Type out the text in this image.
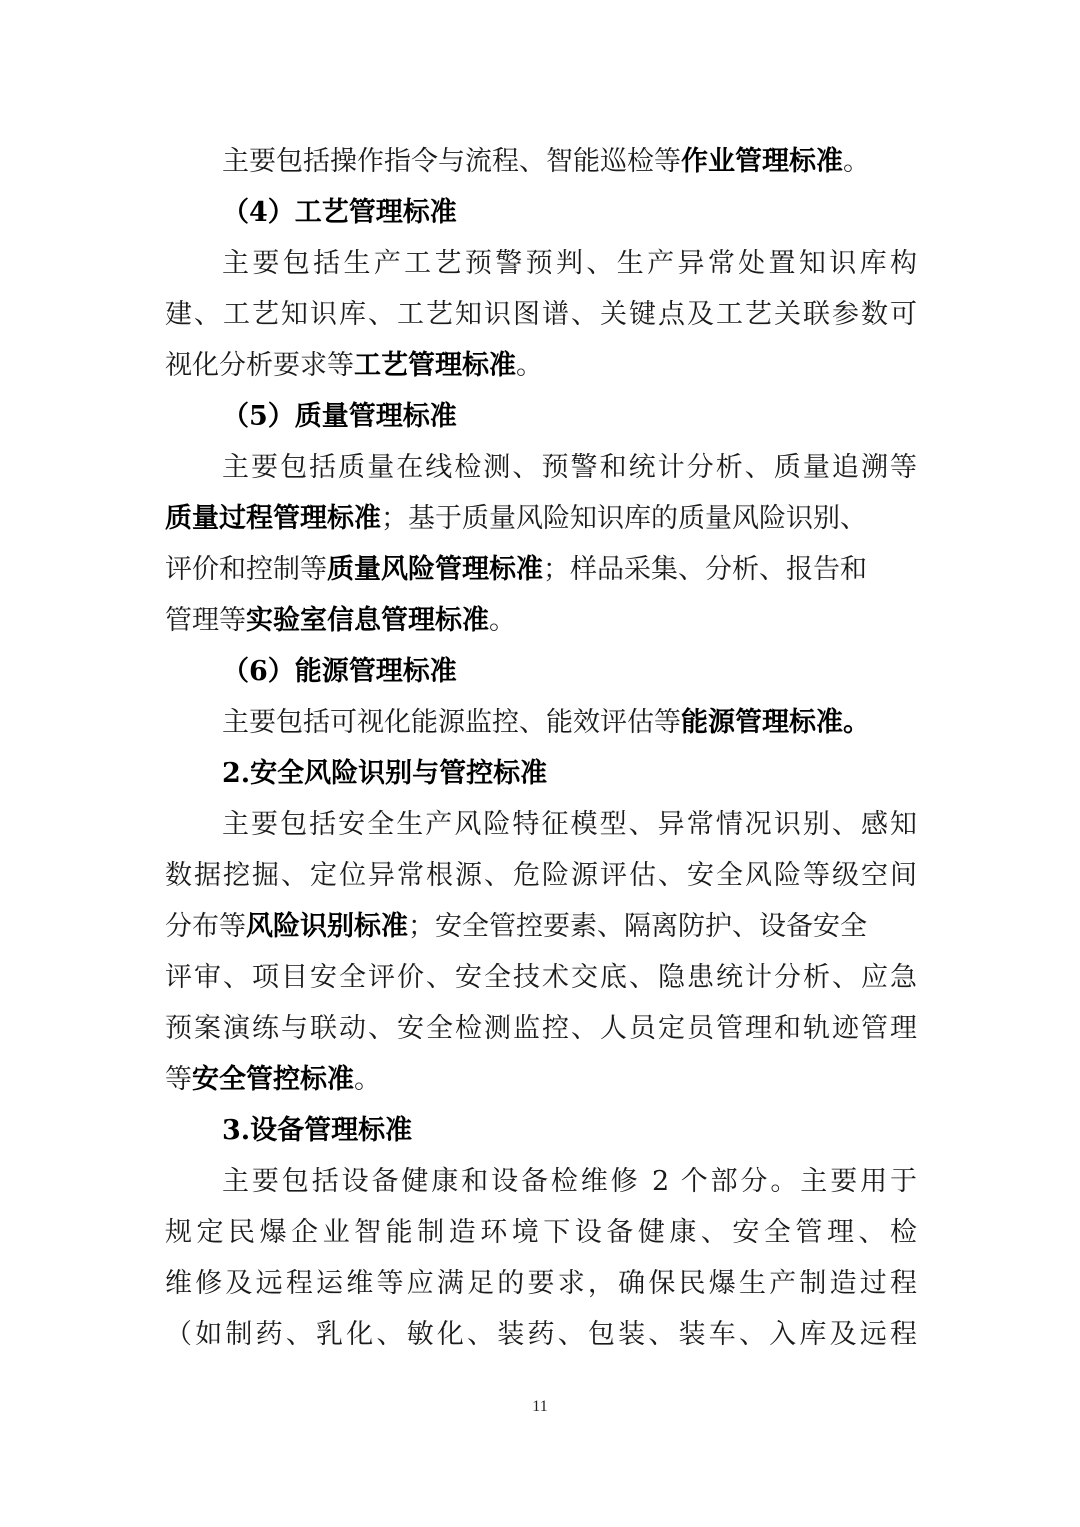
主要包括操作指令与流程、智能巡检等作业管理标准。
（4）工艺管理标准
主要包括生产工艺预警预判、生产异常处置知识库构
建、工艺知识库、工艺知识图谱、关键点及工艺关联参数可
视化分析要求等工艺管理标准。
（5）质量管理标准
主要包括质量在线检测、预警和统计分析、质量追溯等
质量过程管理标准；基于质量风险知识库的质量风险识别、
评价和控制等质量风险管理标准；样品采集、分析、报告和
管理等实验室信息管理标准。
（6）能源管理标准
主要包括可视化能源监控、能效评估等能源管理标准。
2.安全风险识别与管控标准
主要包括安全生产风险特征模型、异常情况识别、感知
数据挖掘、定位异常根源、危险源评估、安全风险等级空间
分布等风险识别标准；安全管控要素、隔离防护、设备安全
评审、项目安全评价、安全技术交底、隐患统计分析、应急
预案演练与联动、安全检测监控、人员定员管理和轨迹管理
等安全管控标准。
3.设备管理标准
主要包括设备健康和设备检维修 2 个部分。主要用于
规定民爆企业智能制造环境下设备健康、安全管理、检
维修及远程运维等应满足的要求，确保民爆生产制造过程
（如制药、乳化、敏化、装药、包装、装车、入库及远程
11
